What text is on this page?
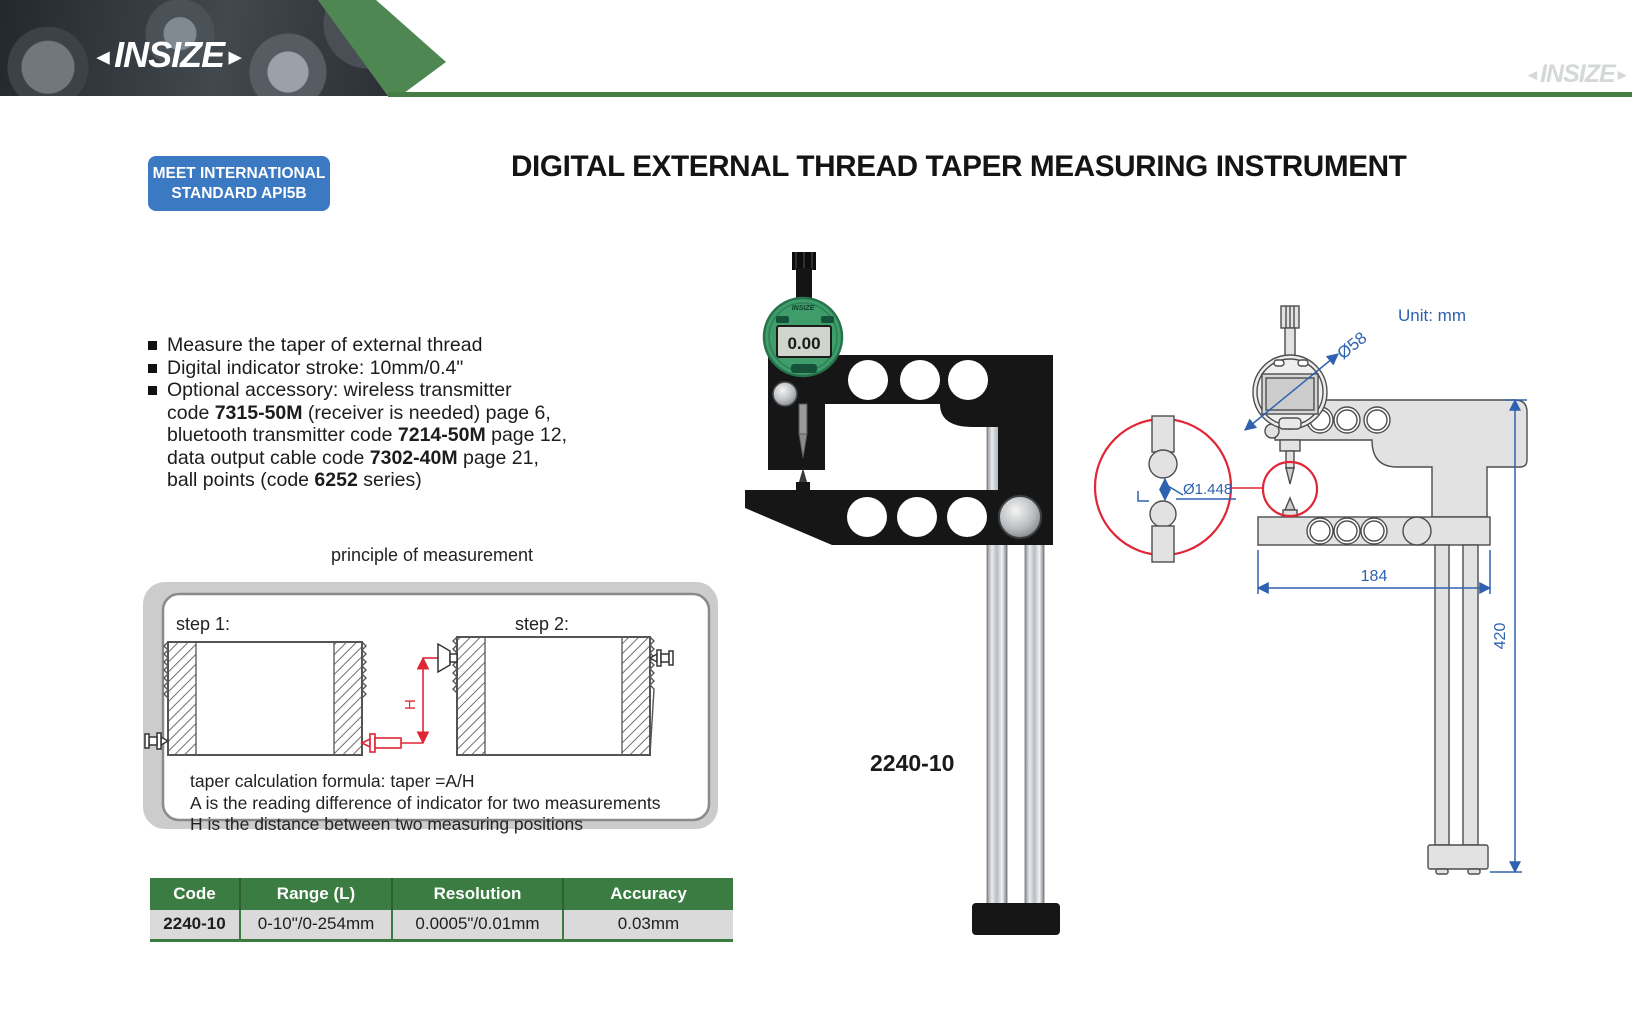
◄INSIZE►
◄INSIZE►
MEET INTERNATIONAL
STANDARD API5B
DIGITAL EXTERNAL THREAD TAPER MEASURING INSTRUMENT
Measure the taper of external thread
Digital indicator stroke: 10mm/0.4"
Optional accessory: wireless transmitter
code 7315-50M (receiver is needed) page 6,
bluetooth transmitter code 7214-50M page 12,
data output cable code 7302-40M page 21,
ball points (code 6252 series)
principle of measurement
step 1:	step 2:
H
taper calculation formula: taper =A/H
A is the reading difference of indicator for two measurements
H is the distance between two measuring positions
INSIZE
0.00
2240-10
Unit: mm
Ø58
Ø1.448
184
420
Code	Range (L)	Resolution	Accuracy
2240-10	0-10"/0-254mm	0.0005"/0.01mm	0.03mm
